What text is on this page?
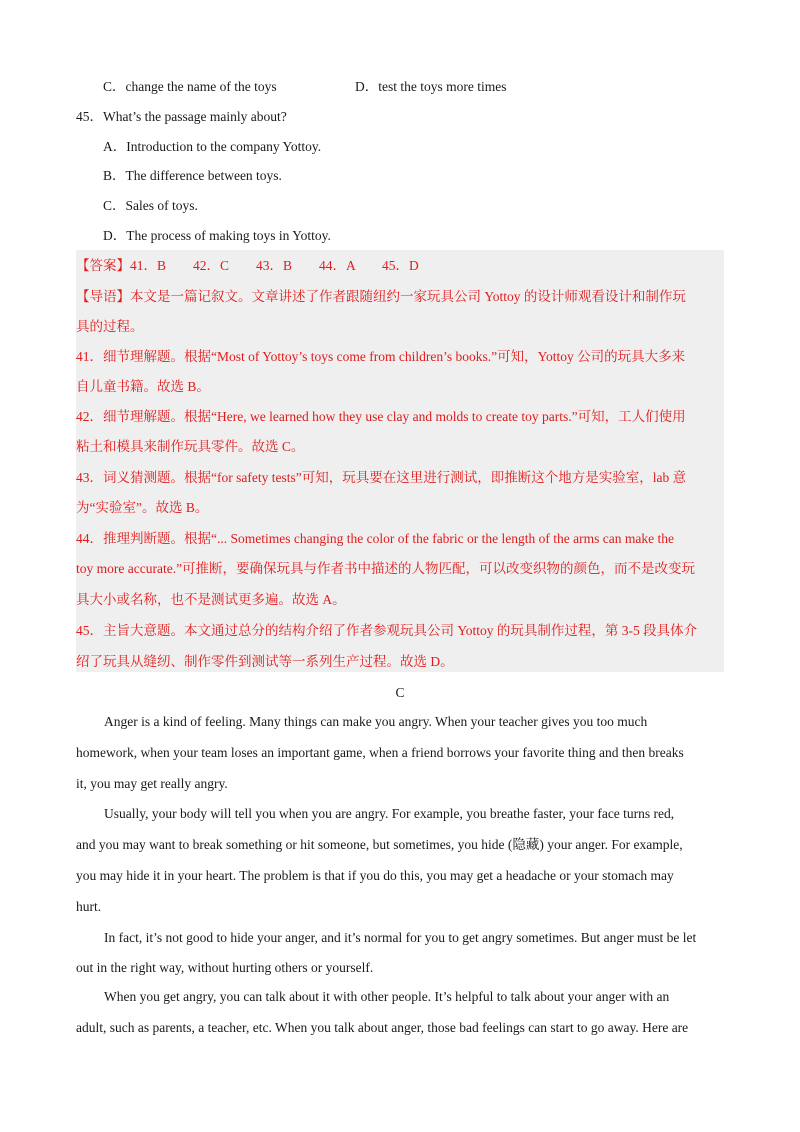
C．change the name of the toys	D．test the toys more times
45．What’s the passage mainly about?
A．Introduction to the company Yottoy.
B．The difference between toys.
C．Sales of toys.
D．The process of making toys in Yottoy.
【答案】41．B　　42．C　　43．B　　44．A　　45．D
【导语】本文是一篇记叙文。文章讲述了作者跟随纽约一家玩具公司 Yottoy 的设计师观看设计和制作玩
具的过程。
41．细节理解题。根据“Most of Yottoy’s toys come from children’s books.”可知，Yottoy 公司的玩具大多来
自儿童书籍。故选 B。
42．细节理解题。根据“Here, we learned how they use clay and molds to create toy parts.”可知，工人们使用
粘土和模具来制作玩具零件。故选 C。
43．词义猜测题。根据“for safety tests”可知，玩具要在这里进行测试，即推断这个地方是实验室，lab 意
为“实验室”。故选 B。
44．推理判断题。根据“... Sometimes changing the color of the fabric or the length of the arms can make the
toy more accurate.”可推断，要确保玩具与作者书中描述的人物匹配，可以改变织物的颜色，而不是改变玩
具大小或名称，也不是测试更多遍。故选 A。
45．主旨大意题。本文通过总分的结构介绍了作者参观玩具公司 Yottoy 的玩具制作过程，第 3-5 段具体介
绍了玩具从缝纫、制作零件到测试等一系列生产过程。故选 D。
C
Anger is a kind of feeling. Many things can make you angry. When your teacher gives you too much
homework, when your team loses an important game, when a friend borrows your favorite thing and then breaks
it, you may get really angry.
Usually, your body will tell you when you are angry. For example, you breathe faster, your face turns red,
and you may want to break something or hit someone, but sometimes, you hide (隐藏) your anger. For example,
you may hide it in your heart. The problem is that if you do this, you may get a headache or your stomach may
hurt.
In fact, it’s not good to hide your anger, and it’s normal for you to get angry sometimes. But anger must be let
out in the right way, without hurting others or yourself.
When you get angry, you can talk about it with other people. It’s helpful to talk about your anger with an
adult, such as parents, a teacher, etc. When you talk about anger, those bad feelings can start to go away. Here are
